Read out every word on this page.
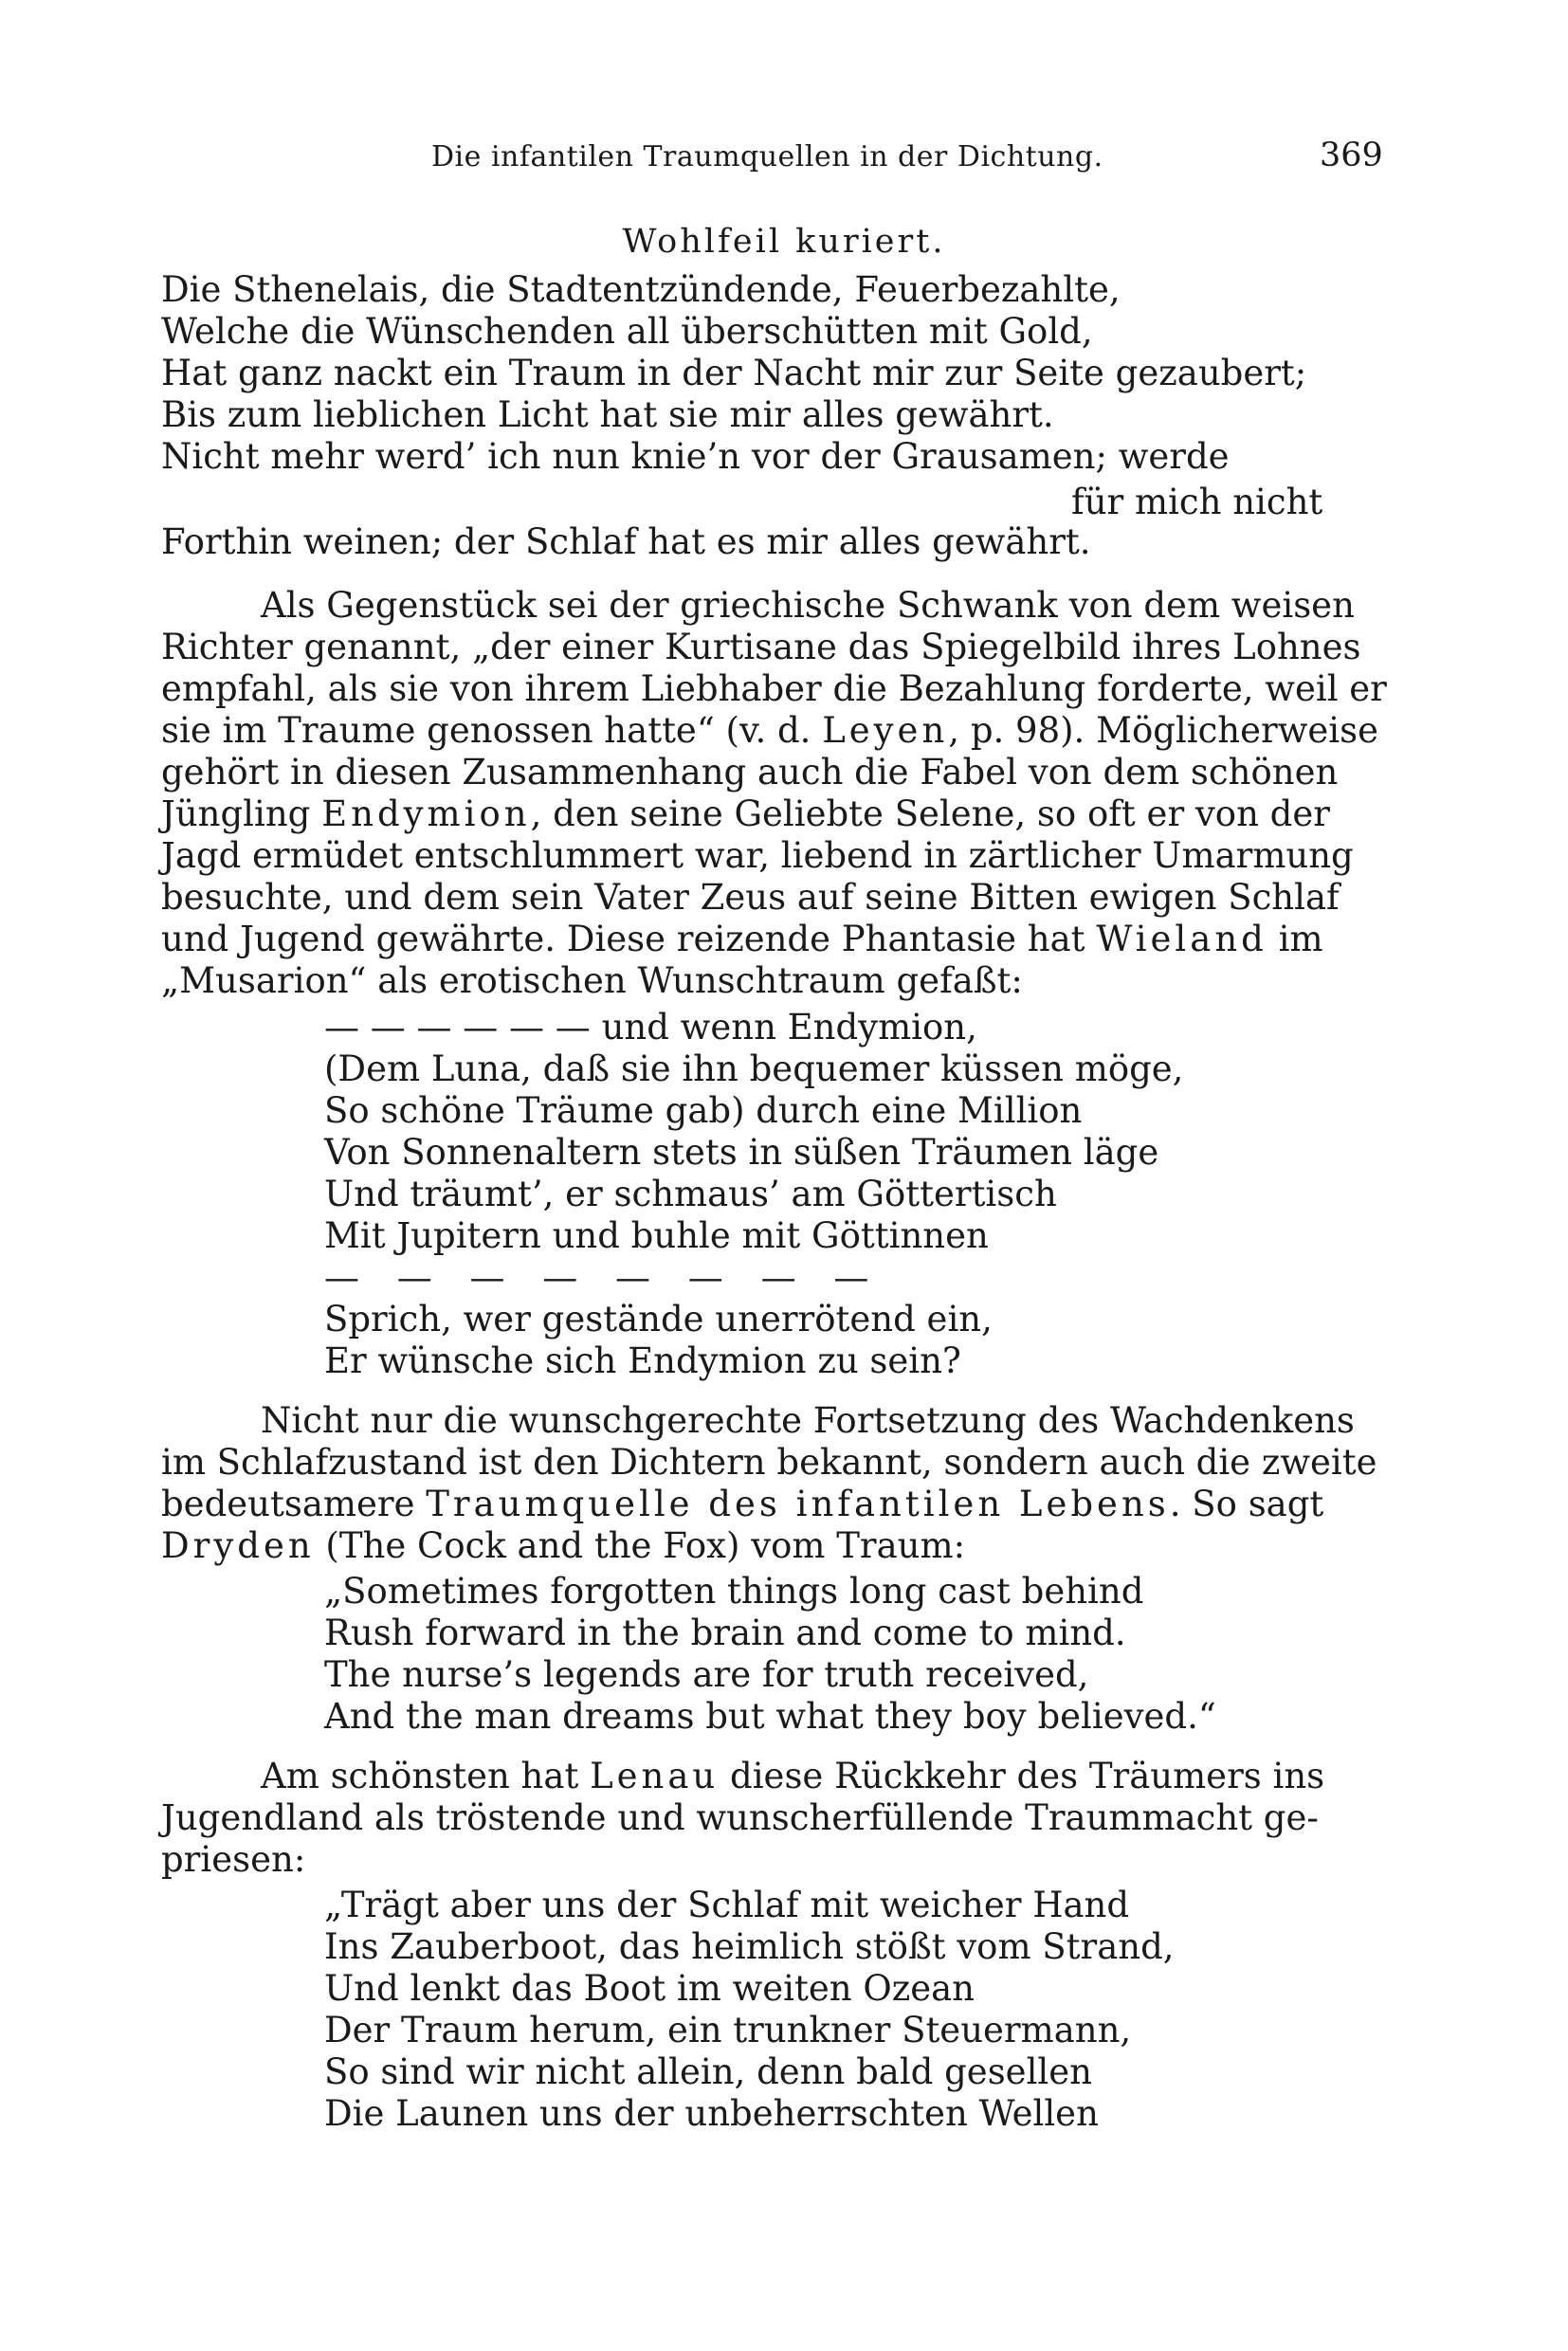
Die infantilen Traumquellen in der Dichtung.	369
Wohlfeil kuriert.
Die Sthenelais, die Stadtentzündende, Feuerbezahlte,
Welche die Wünschenden all überschütten mit Gold,
Hat ganz nackt ein Traum in der Nacht mir zur Seite gezaubert;
Bis zum lieblichen Licht hat sie mir alles gewährt.
Nicht mehr werd’ ich nun knie’n vor der Grausamen; werde
für mich nicht
Forthin weinen; der Schlaf hat es mir alles gewährt.
Als Gegenstück sei der griechische Schwank von dem weisen
Richter genannt, „der einer Kurtisane das Spiegelbild ihres Lohnes
empfahl, als sie von ihrem Liebhaber die Bezahlung forderte, weil er
sie im Traume genossen hatte“ (v. d. Leyen, p. 98). Möglicherweise
gehört in diesen Zusammenhang auch die Fabel von dem schönen
Jüngling Endymion, den seine Geliebte Selene, so oft er von der
Jagd ermüdet entschlummert war, liebend in zärtlicher Umarmung
besuchte, und dem sein Vater Zeus auf seine Bitten ewigen Schlaf
und Jugend gewährte. Diese reizende Phantasie hat Wieland im
„Musarion“ als erotischen Wunschtraum gefaßt:
— — — — — — und wenn Endymion,
(Dem Luna, daß sie ihn bequemer küssen möge,
So schöne Träume gab) durch eine Million
Von Sonnenaltern stets in süßen Träumen läge
Und träumt’, er schmaus’ am Göttertisch
Mit Jupitern und buhle mit Göttinnen
— — — — — — — —
Sprich, wer gestände unerrötend ein,
Er wünsche sich Endymion zu sein?
Nicht nur die wunschgerechte Fortsetzung des Wachdenkens
im Schlafzustand ist den Dichtern bekannt, sondern auch die zweite
bedeutsamere Traumquelle des infantilen Lebens. So sagt
Dryden (The Cock and the Fox) vom Traum:
„Sometimes forgotten things long cast behind
Rush forward in the brain and come to mind.
The nurse’s legends are for truth received,
And the man dreams but what they boy believed.“
Am schönsten hat Lenau diese Rückkehr des Träumers ins
Jugendland als tröstende und wunscherfüllende Traummacht ge-
priesen:
„Trägt aber uns der Schlaf mit weicher Hand
Ins Zauberboot, das heimlich stößt vom Strand,
Und lenkt das Boot im weiten Ozean
Der Traum herum, ein trunkner Steuermann,
So sind wir nicht allein, denn bald gesellen
Die Launen uns der unbeherrschten Wellen
